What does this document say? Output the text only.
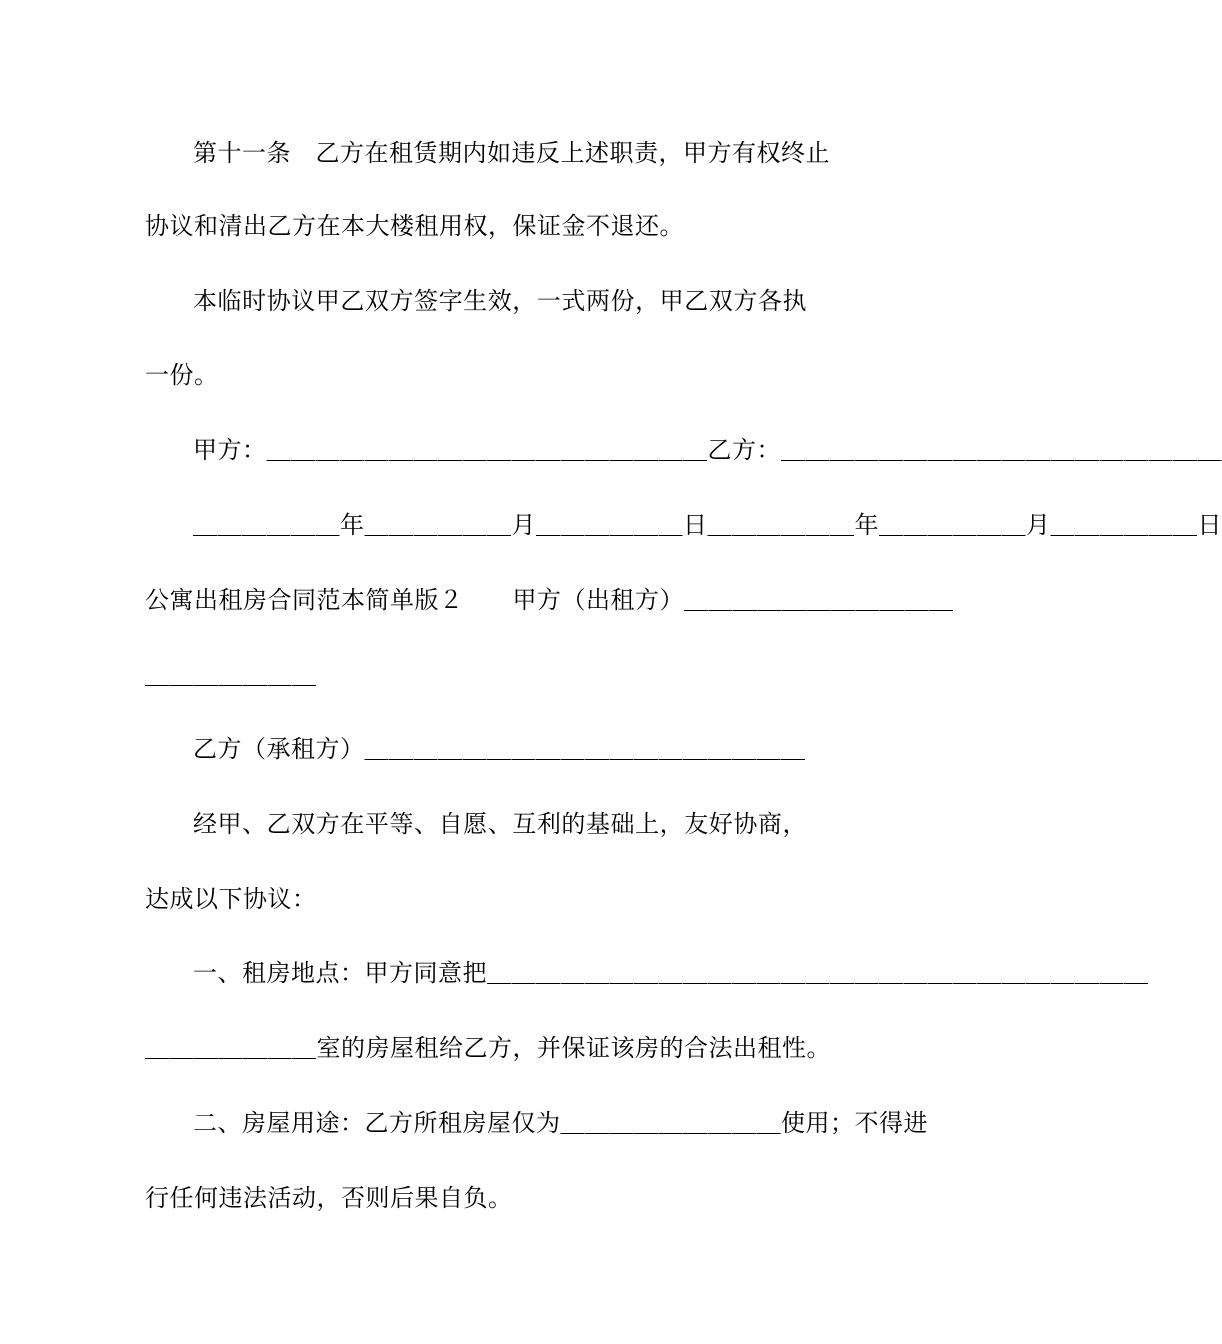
第十一条　乙方在租赁期内如违反上述职责，甲方有权终止
协议和清出乙方在本大楼租用权，保证金不退还。
本临时协议甲乙双方签字生效，一式两份，甲乙双方各执
一份。
甲方：＿＿＿＿＿＿＿＿＿＿＿＿＿＿＿＿＿＿乙方：＿＿＿＿＿＿＿＿＿＿＿＿＿＿＿＿＿＿
＿＿＿＿＿＿年＿＿＿＿＿＿月＿＿＿＿＿＿日＿＿＿＿＿＿年＿＿＿＿＿＿月＿＿＿＿＿＿日
公寓出租房合同范本简单版２　　甲方（出租方）＿＿＿＿＿＿＿＿＿＿＿
＿＿＿＿＿＿＿
乙方（承租方）＿＿＿＿＿＿＿＿＿＿＿＿＿＿＿＿＿＿
经甲、乙双方在平等、自愿、互利的基础上，友好协商，
达成以下协议：
一、租房地点：甲方同意把＿＿＿＿＿＿＿＿＿＿＿＿＿＿＿＿＿＿＿＿＿＿＿＿＿＿＿
＿＿＿＿＿＿＿室的房屋租给乙方，并保证该房的合法出租性。
二、房屋用途：乙方所租房屋仅为＿＿＿＿＿＿＿＿＿使用；不得进
行任何违法活动，否则后果自负。
